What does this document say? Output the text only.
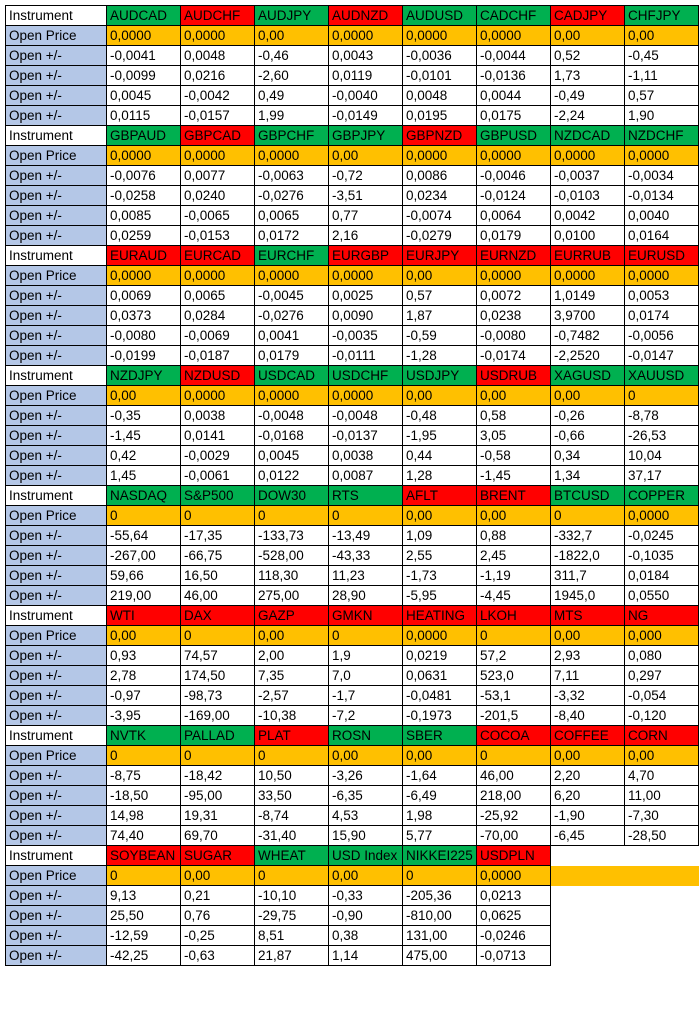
Instrument	AUDCAD	AUDCHF	AUDJPY	AUDNZD	AUDUSD	CADCHF	CADJPY	CHFJPY
Open Price	0,0000	0,0000	0,00	0,0000	0,0000	0,0000	0,00	0,00
Open +/-	-0,0041	0,0048	-0,46	0,0043	-0,0036	-0,0044	0,52	-0,45
Open +/-	-0,0099	0,0216	-2,60	0,0119	-0,0101	-0,0136	1,73	-1,11
Open +/-	0,0045	-0,0042	0,49	-0,0040	0,0048	0,0044	-0,49	0,57
Open +/-	0,0115	-0,0157	1,99	-0,0149	0,0195	0,0175	-2,24	1,90
Instrument	GBPAUD	GBPCAD	GBPCHF	GBPJPY	GBPNZD	GBPUSD	NZDCAD	NZDCHF
Open Price	0,0000	0,0000	0,0000	0,00	0,0000	0,0000	0,0000	0,0000
Open +/-	-0,0076	0,0077	-0,0063	-0,72	0,0086	-0,0046	-0,0037	-0,0034
Open +/-	-0,0258	0,0240	-0,0276	-3,51	0,0234	-0,0124	-0,0103	-0,0134
Open +/-	0,0085	-0,0065	0,0065	0,77	-0,0074	0,0064	0,0042	0,0040
Open +/-	0,0259	-0,0153	0,0172	2,16	-0,0279	0,0179	0,0100	0,0164
Instrument	EURAUD	EURCAD	EURCHF	EURGBP	EURJPY	EURNZD	EURRUB	EURUSD
Open Price	0,0000	0,0000	0,0000	0,0000	0,00	0,0000	0,0000	0,0000
Open +/-	0,0069	0,0065	-0,0045	0,0025	0,57	0,0072	1,0149	0,0053
Open +/-	0,0373	0,0284	-0,0276	0,0090	1,87	0,0238	3,9700	0,0174
Open +/-	-0,0080	-0,0069	0,0041	-0,0035	-0,59	-0,0080	-0,7482	-0,0056
Open +/-	-0,0199	-0,0187	0,0179	-0,0111	-1,28	-0,0174	-2,2520	-0,0147
Instrument	NZDJPY	NZDUSD	USDCAD	USDCHF	USDJPY	USDRUB	XAGUSD	XAUUSD
Open Price	0,00	0,0000	0,0000	0,0000	0,00	0,00	0,00	0
Open +/-	-0,35	0,0038	-0,0048	-0,0048	-0,48	0,58	-0,26	-8,78
Open +/-	-1,45	0,0141	-0,0168	-0,0137	-1,95	3,05	-0,66	-26,53
Open +/-	0,42	-0,0029	0,0045	0,0038	0,44	-0,58	0,34	10,04
Open +/-	1,45	-0,0061	0,0122	0,0087	1,28	-1,45	1,34	37,17
Instrument	NASDAQ	S&P500	DOW30	RTS	AFLT	BRENT	BTCUSD	COPPER
Open Price	0	0	0	0	0,00	0,00	0	0,0000
Open +/-	-55,64	-17,35	-133,73	-13,49	1,09	0,88	-332,7	-0,0245
Open +/-	-267,00	-66,75	-528,00	-43,33	2,55	2,45	-1822,0	-0,1035
Open +/-	59,66	16,50	118,30	11,23	-1,73	-1,19	311,7	0,0184
Open +/-	219,00	46,00	275,00	28,90	-5,95	-4,45	1945,0	0,0550
Instrument	WTI	DAX	GAZP	GMKN	HEATING	LKOH	MTS	NG
Open Price	0,00	0	0,00	0	0,0000	0	0,00	0,000
Open +/-	0,93	74,57	2,00	1,9	0,0219	57,2	2,93	0,080
Open +/-	2,78	174,50	7,35	7,0	0,0631	523,0	7,11	0,297
Open +/-	-0,97	-98,73	-2,57	-1,7	-0,0481	-53,1	-3,32	-0,054
Open +/-	-3,95	-169,00	-10,38	-7,2	-0,1973	-201,5	-8,40	-0,120
Instrument	NVTK	PALLAD	PLAT	ROSN	SBER	COCOA	COFFEE	CORN
Open Price	0	0	0	0,00	0,00	0	0,00	0,00
Open +/-	-8,75	-18,42	10,50	-3,26	-1,64	46,00	2,20	4,70
Open +/-	-18,50	-95,00	33,50	-6,35	-6,49	218,00	6,20	11,00
Open +/-	14,98	19,31	-8,74	4,53	1,98	-25,92	-1,90	-7,30
Open +/-	74,40	69,70	-31,40	15,90	5,77	-70,00	-6,45	-28,50
Instrument	SOYBEAN	SUGAR	WHEAT	USD Index	NIKKEI225	USDPLN		
Open Price	0	0,00	0	0,00	0	0,0000		
Open +/-	9,13	0,21	-10,10	-0,33	-205,36	0,0213		
Open +/-	25,50	0,76	-29,75	-0,90	-810,00	0,0625		
Open +/-	-12,59	-0,25	8,51	0,38	131,00	-0,0246		
Open +/-	-42,25	-0,63	21,87	1,14	475,00	-0,0713		
